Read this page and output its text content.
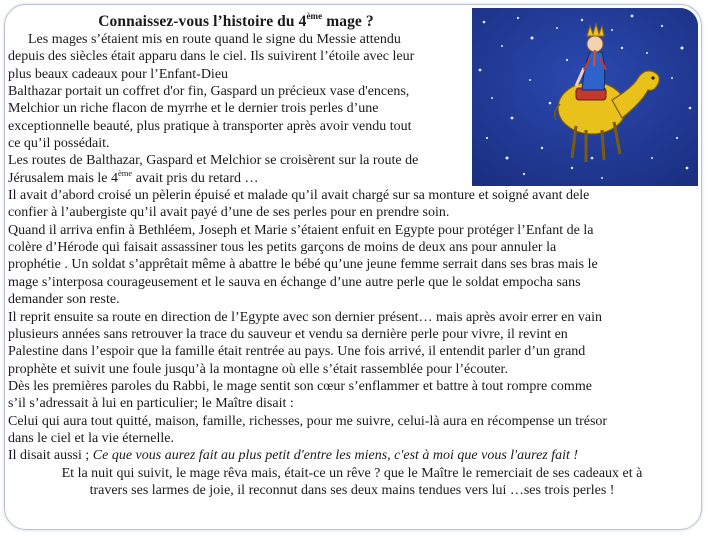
Connaissez-vous l’histoire du 4ème mage ?
Les mages s’étaient mis en route quand le signe du Messie attendu
depuis des siècles était apparu dans le ciel. Ils suivirent l’étoile avec leur
plus beaux cadeaux pour l’Enfant-Dieu
Balthazar portait un coffret d'or fin, Gaspard un précieux vase d'encens,
Melchior un riche flacon de myrrhe et le dernier trois perles d’une
exceptionnelle beauté, plus pratique à transporter après avoir vendu tout
ce qu’il possédait.
Les routes de Balthazar, Gaspard et Melchior se croisèrent sur la route de
Jérusalem mais le 4ème avait pris du retard …
Il avait d’abord croisé un pèlerin épuisé et malade qu’il avait chargé sur sa monture et soigné avant dele
confier à l’aubergiste qu’il avait payé d’une de ses perles pour en prendre soin.
Quand il arriva enfin à Bethléem, Joseph et Marie s’étaient enfuit en Egypte pour protéger l’Enfant de la
colère d’Hérode qui faisait assassiner tous les petits garçons de moins de deux ans pour annuler la
prophétie . Un soldat s’apprêtait même à abattre le bébé qu’une jeune femme serrait dans ses bras mais le
mage s’interposa courageusement et le sauva en échange d’une autre perle que le soldat empocha sans
demander son reste.
Il reprit ensuite sa route en direction de l’Egypte avec son dernier présent… mais après avoir errer en vain
plusieurs années sans retrouver la trace du sauveur et vendu sa dernière perle pour vivre, il revint en
Palestine dans l’espoir que la famille était rentrée au pays. Une fois arrivé, il entendit parler d’un grand
prophète et suivit une foule jusqu’à la montagne où elle s’était rassemblée pour l’écouter.
Dès les premières paroles du Rabbi, le mage sentit son cœur s’enflammer et battre à tout rompre comme
s’il s’adressait à lui en particulier; le Maître disait :
Celui qui aura tout quitté, maison, famille, richesses, pour me suivre, celui-là aura en récompense un trésor
dans le ciel et la vie éternelle.
Il disait aussi ; Ce que vous aurez fait au plus petit d'entre les miens, c'est à moi que vous l'aurez fait !
Et la nuit qui suivit, le mage rêva mais, était-ce un rêve ? que le Maître le remerciait de ses cadeaux et à
travers ses larmes de joie, il reconnut dans ses deux mains tendues vers lui …ses trois perles !
